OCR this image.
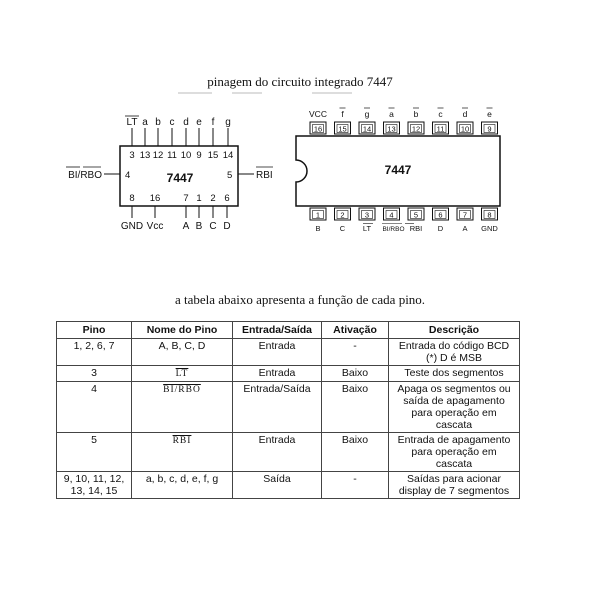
pinagem do circuito integrado 7447
7447
LT
3
a
13
b
12
c
11
d
10
e
9
f
15
g
14
GND
8
Vcc
16
A
7
B
1
C
2
D
6
BI/RBO 4	5 RBI	7447
16
VCC
15
f
14
g
13
a
12
b
11
c
10
d
9
e
1
B
2
C
3
LT
4
BI/RBO
5
RBI
6
D
7
A
8
GND
a tabela abaixo apresenta a função de cada pino.
Pino	Nome do Pino	Entrada/Saída	Ativação	Descrição
1, 2, 6, 7	A, B, C, D	Entrada	-	Entrada do código BCD (*) D é MSB
3	$\overline{LT}$	Entrada	Baixo	Teste dos segmentos
4	BI/RBO	Entrada/Saída	Baixo	Apaga os segmentos ou saída de apagamento para operação em cascata
5	$\overline{RBI}$	Entrada	Baixo	Entrada de apagamento para operação em cascata
9, 10, 11, 12, 13, 14, 15	a, b, c, d, e, f, g	Saída	-	Saídas para acionar display de 7 segmentos
